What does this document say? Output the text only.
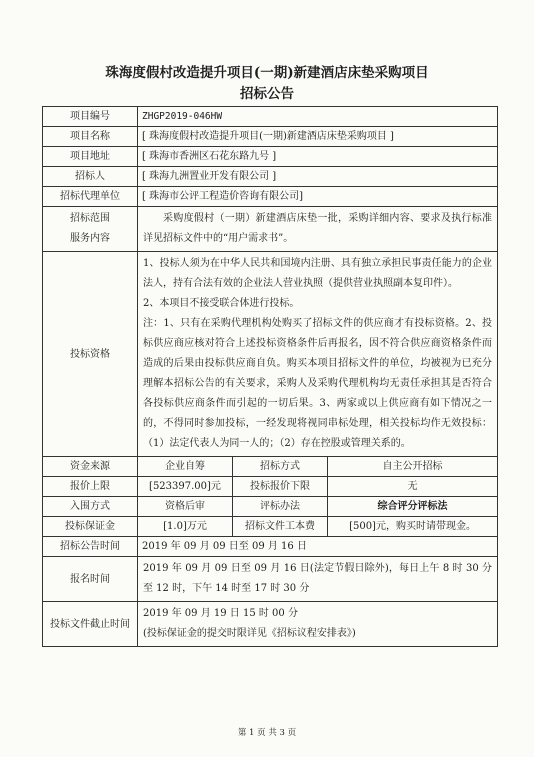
珠海度假村改造提升项目(一期)新建酒店床垫采购项目
招标公告
项目编号	ZHGP2019-046HW		
项目名称	[ 珠海度假村改造提升项目(一期)新建酒店床垫采购项目 ]		
项目地址	[ 珠海市香洲区石花东路九号 ]		
招标人	[ 珠海九洲置业开发有限公司 ]		
招标代理单位	[ 珠海市公评工程造价咨询有限公司]		

招标范围
服务内容	采购度假村（一期）新建酒店床垫一批，采购详细内容、要求及执行标准详见招标文件中的“用户需求书”。		
投标资格	1、投标人须为在中华人民共和国境内注册、具有独立承担民事责任能力的企业法人，持有合法有效的企业法人营业执照（提供营业执照副本复印件）。

2、本项目不接受联合体进行投标。

注：1、只有在采购代理机构处购买了招标文件的供应商才有投标资格。2、投标供应商应核对符合上述投标资格条件后再报名，因不符合供应商资格条件而造成的后果由投标供应商自负。购买本项目招标文件的单位，均被视为已充分理解本招标公告的有关要求，采购人及采购代理机构均无责任承担其是否符合各投标供应商条件而引起的一切后果。3、两家或以上供应商有如下情况之一的，不得同时参加投标，一经发现将视同串标处理，相关投标均作无效投标：（1）法定代表人为同一人的；（2）存在控股或管理关系的。		

资金来源	企业自筹	招标方式	自主公开招标
报价上限	[523397.00]元	投标报价下限	无
入围方式	资格后审	评标办法	综合评分评标法
投标保证金	[1.0]万元	招标文件工本费	[500]元，购买时请带现金。
招标公告时间	2019 年 09 月 09 日至 09 月 16 日		
报名时间	2019 年 09 月 09 日至 09 月 16 日(法定节假日除外)，每日上午 8 时 30 分至 12 时，下午 14 时至 17 时 30 分		
投标文件截止时间	2019 年 09 月 19 日 15 时 00 分
(投标保证金的提交时限详见《招标议程安排表》)		
第 1 页 共 3 页
